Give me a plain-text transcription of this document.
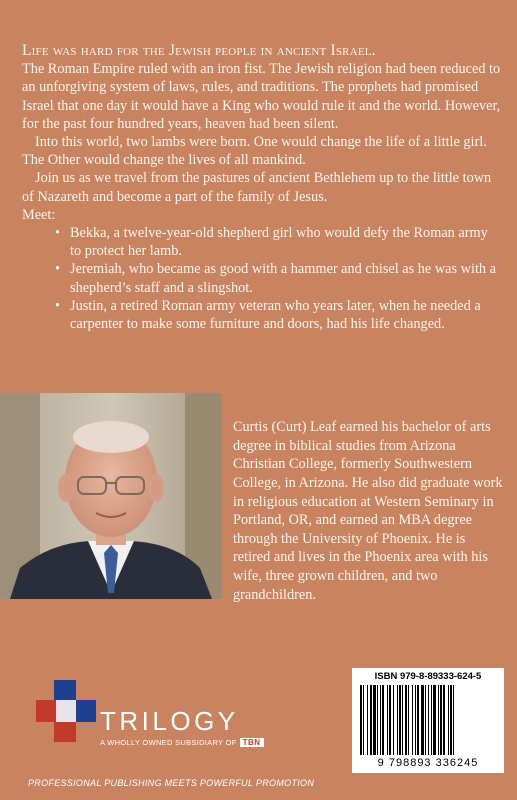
Life was hard for the Jewish people in ancient Israel.

The Roman Empire ruled with an iron fist. The Jewish religion had been reduced to an unforgiving system of laws, rules, and traditions. The prophets had promised Israel that one day it would have a King who would rule it and the world. However, for the past four hundred years, heaven had been silent.

Into this world, two lambs were born. One would change the life of a little girl. The Other would change the lives of all mankind.

Join us as we travel from the pastures of ancient Bethlehem up to the little town of Nazareth and become a part of the family of Jesus.

Meet:

• Bekka, a twelve-year-old shepherd girl who would defy the Roman army to protect her lamb.
• Jeremiah, who became as good with a hammer and chisel as he was with a shepherd’s staff and a slingshot.
• Justin, a retired Roman army veteran who years later, when he needed a carpenter to make some furniture and doors, had his life changed.

Curtis (Curt) Leaf earned his bachelor of arts degree in biblical studies from Arizona Christian College, formerly Southwestern College, in Arizona. He also did graduate work in religious education at Western Seminary in Portland, OR, and earned an MBA degree through the University of Phoenix. He is retired and lives in the Phoenix area with his wife, three grown children, and two grandchildren.

TRILOGY
A WHOLLY OWNED SUBSIDIARY OF TBN
PROFESSIONAL PUBLISHING MEETS POWERFUL PROMOTION
ISBN 979-8-89333-624-5
9 798893 336245
